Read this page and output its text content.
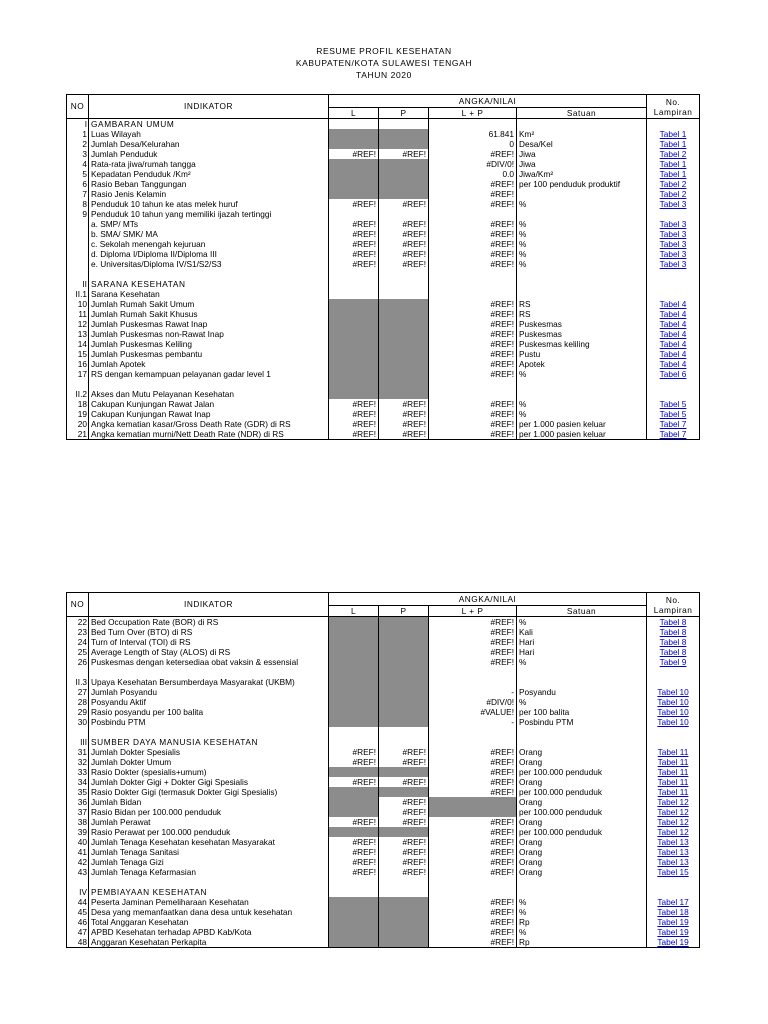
RESUME PROFIL KESEHATAN
KABUPATEN/KOTA SULAWESI TENGAH
TAHUN 2020
NO	INDIKATOR	ANGKA/NILAI				No.
		L	P	L + P	Satuan	Lampiran
I	GAMBARAN UMUM					
1	Luas Wilayah			61.841	Km²	Tabel 1
2	Jumlah Desa/Kelurahan			0	Desa/Kel	Tabel 1
3	Jumlah Penduduk	#REF!	#REF!	#REF!	Jiwa	Tabel 2
4	Rata-rata jiwa/rumah tangga			#DIV/0!	Jiwa	Tabel 1
5	Kepadatan Penduduk /Km²			0.0	Jiwa/Km²	Tabel 1
6	Rasio Beban Tanggungan			#REF!	per 100 penduduk produktif	Tabel 2
7	Rasio Jenis Kelamin			#REF!		Tabel 2
8	Penduduk 10 tahun ke atas melek huruf	#REF!	#REF!	#REF!	%	Tabel 3
9	Penduduk 10 tahun yang memiliki ijazah tertinggi					
	a. SMP/ MTs	#REF!	#REF!	#REF!	%	Tabel 3
	b. SMA/ SMK/ MA	#REF!	#REF!	#REF!	%	Tabel 3
	c. Sekolah menengah kejuruan	#REF!	#REF!	#REF!	%	Tabel 3
	d. Diploma I/Diploma II/Diploma III	#REF!	#REF!	#REF!	%	Tabel 3
	e. Universitas/Diploma IV/S1/S2/S3	#REF!	#REF!	#REF!	%	Tabel 3

II	SARANA KESEHATAN					
II.1	Sarana Kesehatan					
10	Jumlah Rumah Sakit Umum			#REF!	RS	Tabel 4
11	Jumlah Rumah Sakit Khusus			#REF!	RS	Tabel 4
12	Jumlah Puskesmas Rawat Inap			#REF!	Puskesmas	Tabel 4
13	Jumlah Puskesmas non-Rawat Inap			#REF!	Puskesmas	Tabel 4
14	Jumlah Puskesmas Keliling			#REF!	Puskesmas keliling	Tabel 4
15	Jumlah Puskesmas pembantu			#REF!	Pustu	Tabel 4
16	Jumlah Apotek			#REF!	Apotek	Tabel 4
17	RS dengan kemampuan pelayanan gadar level 1			#REF!	%	Tabel 6

II.2	Akses dan Mutu Pelayanan Kesehatan					
18	Cakupan Kunjungan Rawat Jalan	#REF!	#REF!	#REF!	%	Tabel 5
19	Cakupan Kunjungan Rawat Inap	#REF!	#REF!	#REF!	%	Tabel 5
20	Angka kematian kasar/Gross Death Rate (GDR) di RS	#REF!	#REF!	#REF!	per 1.000 pasien keluar	Tabel 7
21	Angka kematian murni/Nett Death Rate (NDR) di RS	#REF!	#REF!	#REF!	per 1.000 pasien keluar	Tabel 7
NO	INDIKATOR	ANGKA/NILAI				No.
		L	P	L + P	Satuan	Lampiran
22	Bed Occupation Rate (BOR) di RS			#REF!	%	Tabel 8
23	Bed Turn Over (BTO) di RS			#REF!	Kali	Tabel 8
24	Turn of Interval (TOI) di RS			#REF!	Hari	Tabel 8
25	Average Length of Stay (ALOS) di RS			#REF!	Hari	Tabel 8
26	Puskesmas dengan ketersediaa obat vaksin & essensial			#REF!	%	Tabel 9

II.3	Upaya Kesehatan Bersumberdaya Masyarakat (UKBM)					
27	Jumlah Posyandu			-	Posyandu	Tabel 10
28	Posyandu Aktif			#DIV/0!	%	Tabel 10
29	Rasio posyandu per 100 balita			#VALUE!	per 100 balita	Tabel 10
30	Posbindu PTM			-	Posbindu PTM	Tabel 10

III	SUMBER DAYA MANUSIA KESEHATAN					
31	Jumlah Dokter Spesialis	#REF!	#REF!	#REF!	Orang	Tabel 11
32	Jumlah Dokter Umum	#REF!	#REF!	#REF!	Orang	Tabel 11
33	Rasio Dokter (spesialis+umum)			#REF!	per 100.000 penduduk	Tabel 11
34	Jumlah Dokter Gigi + Dokter Gigi Spesialis	#REF!	#REF!	#REF!	Orang	Tabel 11
35	Rasio Dokter Gigi (termasuk Dokter Gigi Spesialis)			#REF!	per 100.000 penduduk	Tabel 11
36	Jumlah Bidan		#REF!		Orang	Tabel 12
37	Rasio Bidan per 100.000 penduduk		#REF!		per 100.000 penduduk	Tabel 12
38	Jumlah Perawat	#REF!	#REF!	#REF!	Orang	Tabel 12
39	Rasio Perawat per 100.000 penduduk			#REF!	per 100.000 penduduk	Tabel 12
40	Jumlah Tenaga Kesehatan kesehatan Masyarakat	#REF!	#REF!	#REF!	Orang	Tabel 13
41	Jumlah Tenaga Sanitasi	#REF!	#REF!	#REF!	Orang	Tabel 13
42	Jumlah Tenaga Gizi	#REF!	#REF!	#REF!	Orang	Tabel 13
43	Jumlah Tenaga Kefarmasian	#REF!	#REF!	#REF!	Orang	Tabel 15

IV	PEMBIAYAAN KESEHATAN					
44	Peserta Jaminan Pemeliharaan Kesehatan			#REF!	%	Tabel 17
45	Desa yang memanfaatkan dana desa untuk kesehatan			#REF!	%	Tabel 18
46	Total Anggaran Kesehatan			#REF!	Rp	Tabel 19
47	APBD Kesehatan terhadap APBD Kab/Kota			#REF!	%	Tabel 19
48	Anggaran Kesehatan Perkapita			#REF!	Rp	Tabel 19
